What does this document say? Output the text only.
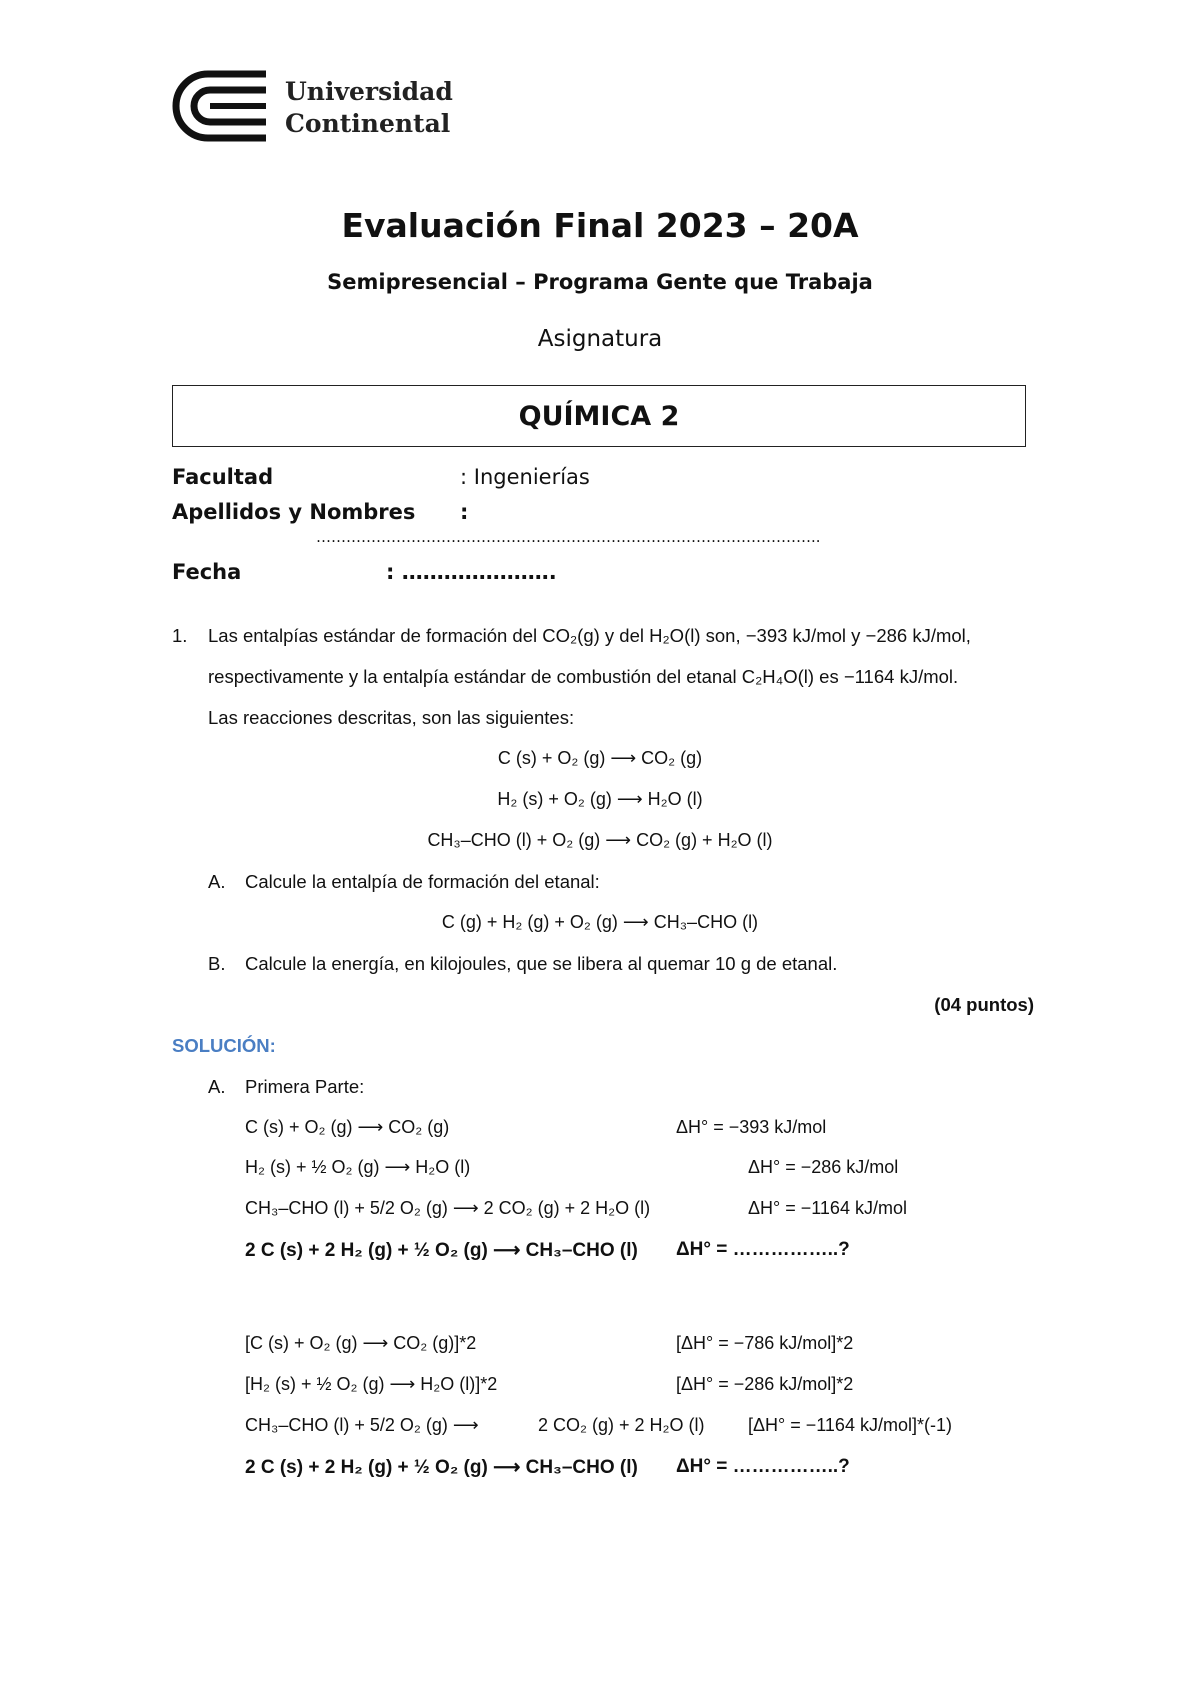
Universidad
Continental
Evaluación Final 2023 – 20A
Semipresencial – Programa Gente que Trabaja
Asignatura
QUÍMICA 2
Facultad	: Ingenierías
Apellidos y Nombres :
………………………………………………………………………………………..
Fecha	: ………………….
1. Las entalpías estándar de formación del CO₂(g) y del H₂O(l) son, −393 kJ/mol y −286 kJ/mol,
respectivamente y la entalpía estándar de combustión del etanal C₂H₄O(l) es −1164 kJ/mol.
Las reacciones descritas, son las siguientes:
C (s) + O₂ (g) ⟶ CO₂ (g)
H₂ (s) + O₂ (g) ⟶ H₂O (l)
CH₃–CHO (l) + O₂ (g) ⟶ CO₂ (g) + H₂O (l)
A. Calcule la entalpía de formación del etanal:
C (g) + H₂ (g) + O₂ (g) ⟶ CH₃–CHO (l)
B. Calcule la energía, en kilojoules, que se libera al quemar 10 g de etanal.
(04 puntos)
SOLUCIÓN:
A. Primera Parte:
C (s) + O₂ (g) ⟶ CO₂ (g)	ΔH° = −393 kJ/mol
H₂ (s) + ½ O₂ (g) ⟶ H₂O (l)	ΔH° = −286 kJ/mol
CH₃–CHO (l) + 5/2 O₂ (g) ⟶ 2 CO₂ (g) + 2 H₂O (l)	ΔH° = −1164 kJ/mol
2 C (s) + 2 H₂ (g) + ½ O₂ (g) ⟶ CH₃–CHO (l) ΔH° = ……………..?
[C (s) + O₂ (g) ⟶ CO₂ (g)]*2	[ΔH° = −786 kJ/mol]*2
[H₂ (s) + ½ O₂ (g) ⟶ H₂O (l)]*2	[ΔH° = −286 kJ/mol]*2
CH₃–CHO (l) + 5/2 O₂ (g) ⟶	2 CO₂ (g) + 2 H₂O (l) [ΔH° = −1164 kJ/mol]*(-1)
2 C (s) + 2 H₂ (g) + ½ O₂ (g) ⟶ CH₃–CHO (l) ΔH° = ……………..?
